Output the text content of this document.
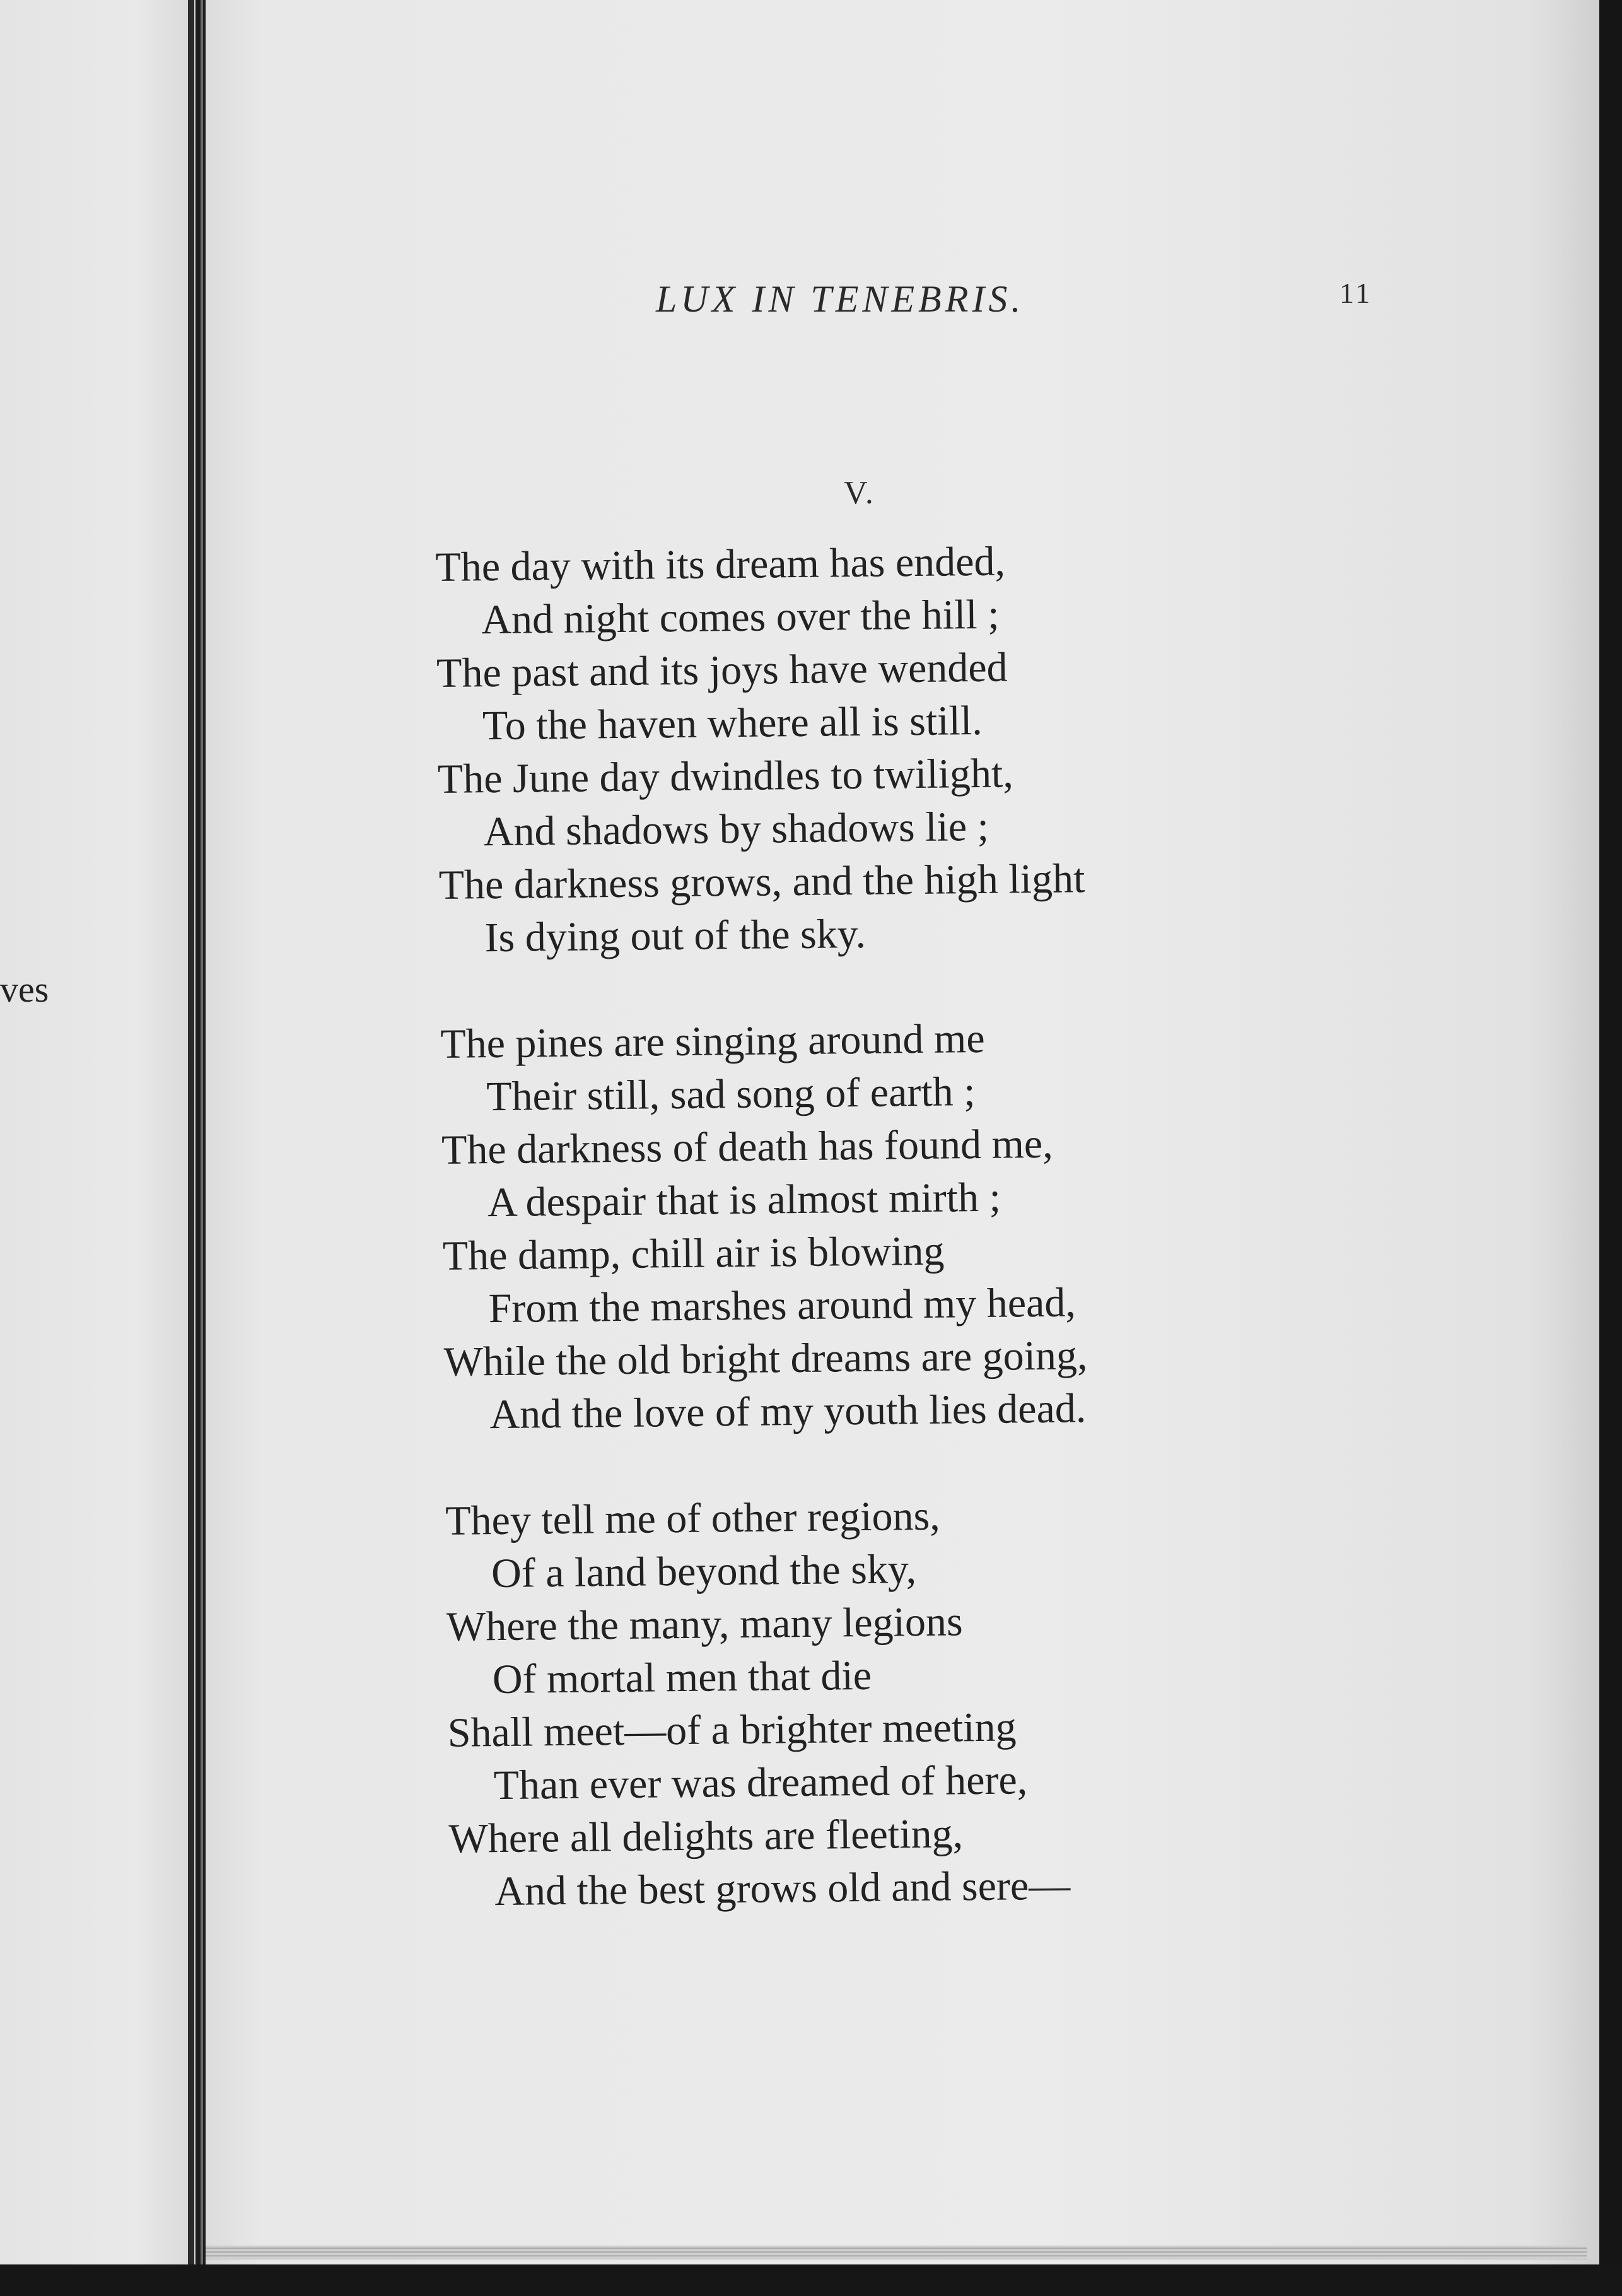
ves
LUX IN TENEBRIS.	11
V.
The day with its dream has ended,
And night comes over the hill ;
The past and its joys have wended
To the haven where all is still.
The June day dwindles to twilight,
And shadows by shadows lie ;
The darkness grows, and the high light
Is dying out of the sky.
The pines are singing around me
Their still, sad song of earth ;
The darkness of death has found me,
A despair that is almost mirth ;
The damp, chill air is blowing
From the marshes around my head,
While the old bright dreams are going,
And the love of my youth lies dead.
They tell me of other regions,
Of a land beyond the sky,
Where the many, many legions
Of mortal men that die
Shall meet—of a brighter meeting
Than ever was dreamed of here,
Where all delights are fleeting,
And the best grows old and sere—
